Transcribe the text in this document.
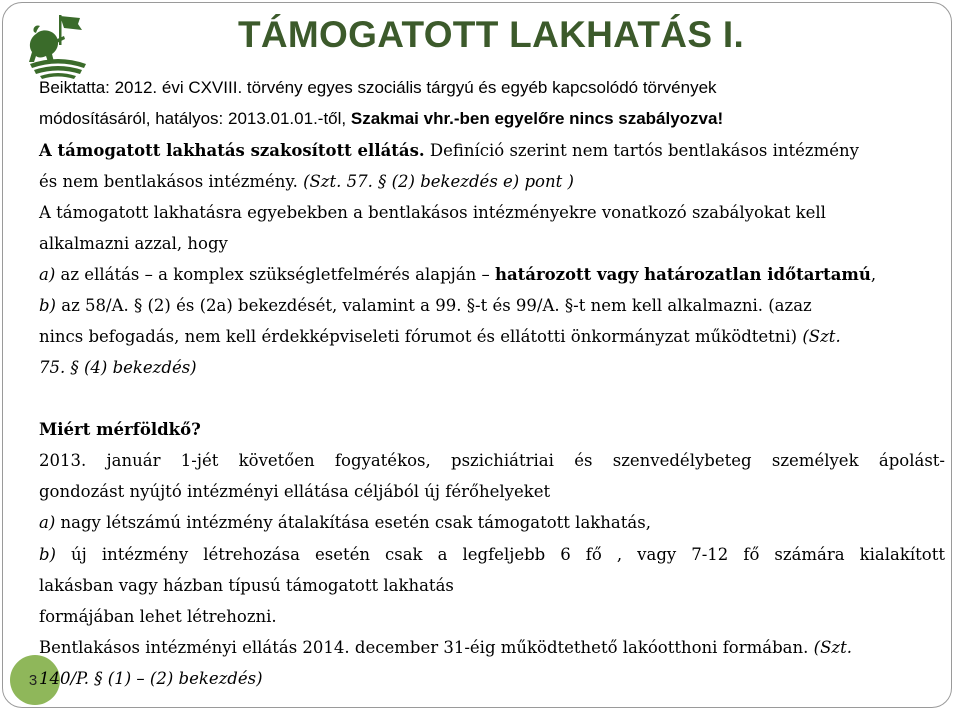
TÁMOGATOTT LAKHATÁS I.
Beiktatta: 2012. évi CXVIII. törvény egyes szociális tárgyú és egyéb kapcsolódó törvények
módosításáról, hatályos: 2013.01.01.-től, Szakmai vhr.-ben egyelőre nincs szabályozva!
A támogatott lakhatás szakosított ellátás. Definíció szerint nem tartós bentlakásos intézmény
és nem bentlakásos intézmény. (Szt. 57. § (2) bekezdés e) pont )
A támogatott lakhatásra egyebekben a bentlakásos intézményekre vonatkozó szabályokat kell
alkalmazni azzal, hogy
a) az ellátás – a komplex szükségletfelmérés alapján – határozott vagy határozatlan időtartamú,
b) az 58/A. § (2) és (2a) bekezdését, valamint a 99. §-t és 99/A. §-t nem kell alkalmazni. (azaz
nincs befogadás, nem kell érdekképviseleti fórumot és ellátotti önkormányzat működtetni) (Szt.
75. § (4) bekezdés)
Miért mérföldkő?
2013. január 1-jét követően fogyatékos, pszichiátriai és szenvedélybeteg személyek ápolást-
gondozást nyújtó intézményi ellátása céljából új férőhelyeket
a) nagy létszámú intézmény átalakítása esetén csak támogatott lakhatás,
b) új intézmény létrehozása esetén csak a legfeljebb 6 fő , vagy 7-12 fő számára kialakított
lakásban vagy házban típusú támogatott lakhatás
formájában lehet létrehozni.
Bentlakásos intézményi ellátás 2014. december 31-éig működtethető lakóotthoni formában. (Szt.
3 140/P. § (1) – (2) bekezdés)
